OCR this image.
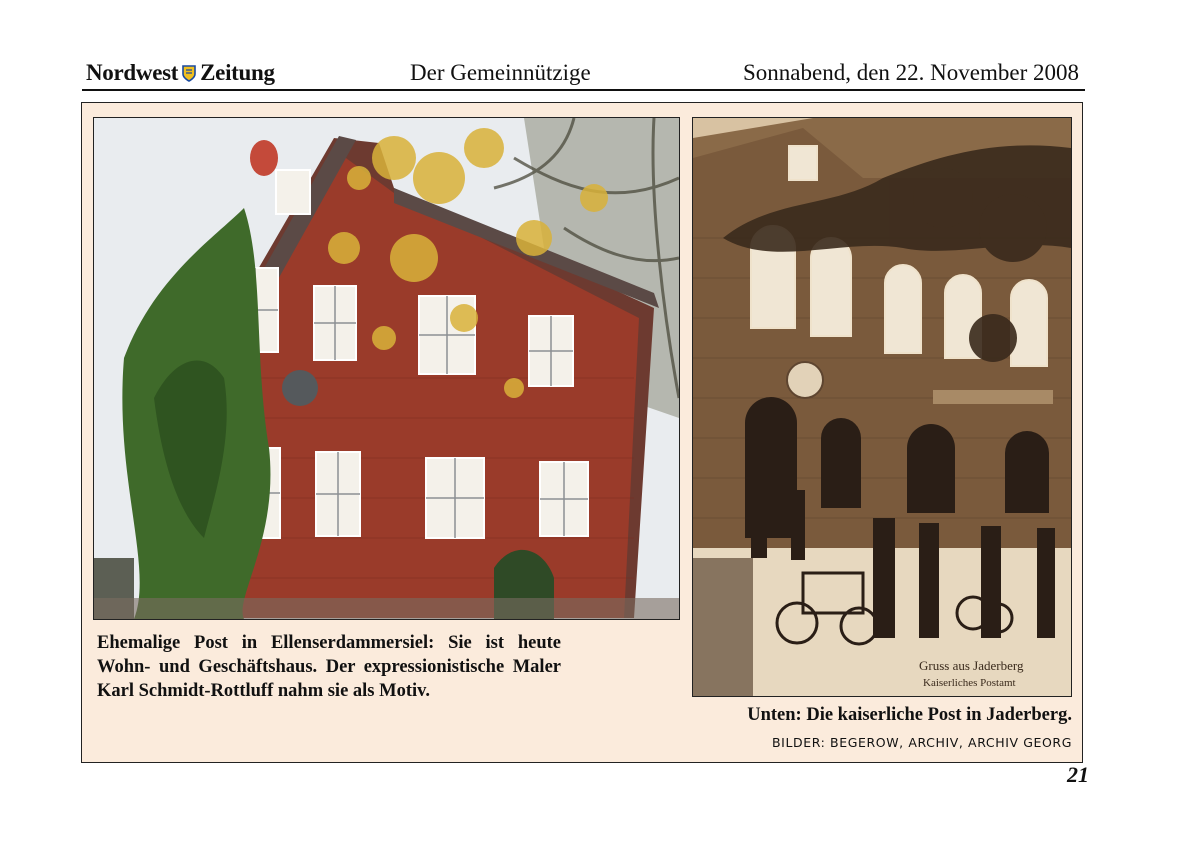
Nordwest Zeitung	Der Gemeinnützige	Sonnabend, den 22. November 2008
Gruss aus Jaderberg
Kaiserliches Postamt
Ehemalige Post in Ellenserdammersiel: Sie ist heute Wohn- und Geschäftshaus. Der expressionistische Maler Karl Schmidt-Rottluff nahm sie als Motiv.
Unten: Die kaiserliche Post in Jaderberg.
BILDER: BEGEROW, ARCHIV, ARCHIV GEORG
21
